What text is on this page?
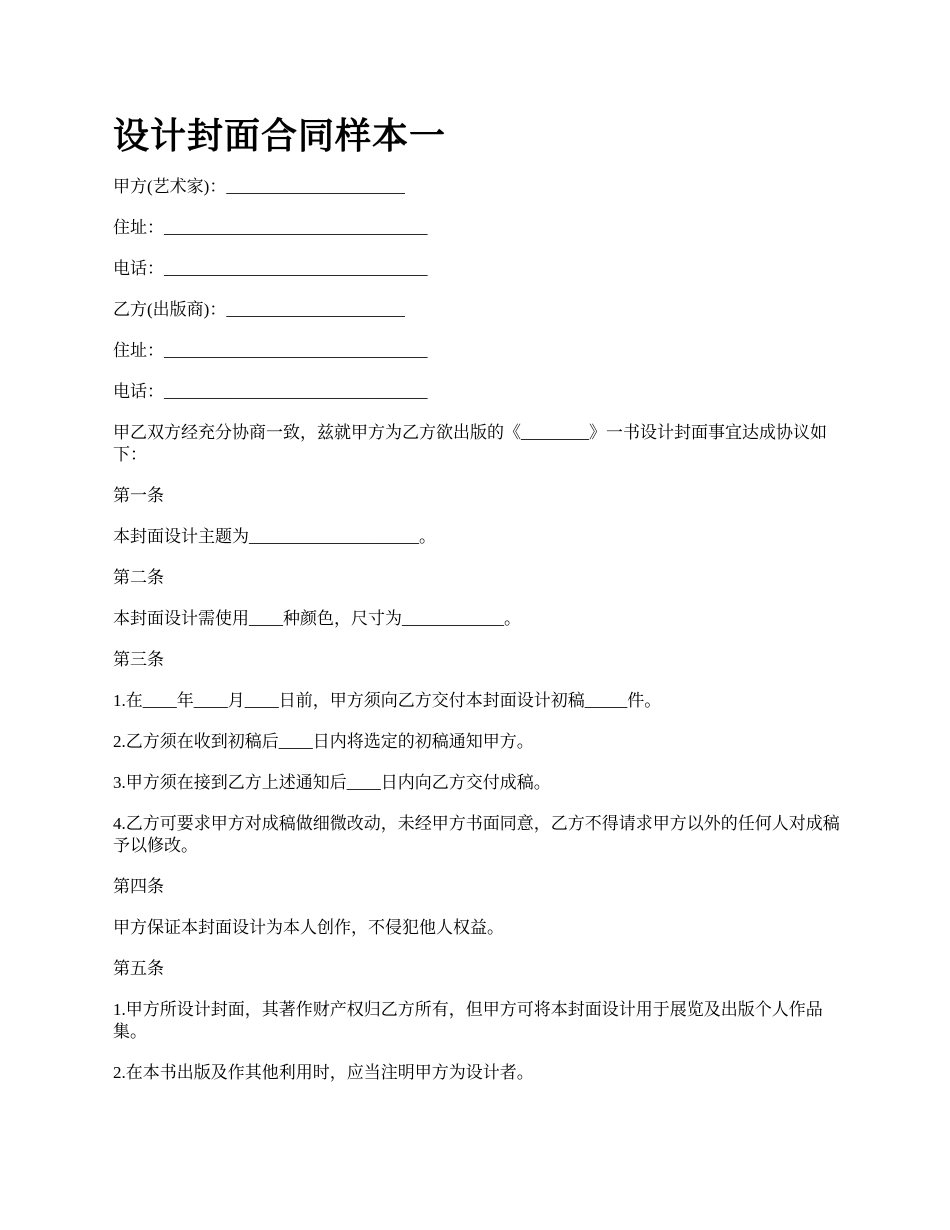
设计封面合同样本一

甲方(艺术家)：_____________________

住址：_______________________________

电话：_______________________________

乙方(出版商)：_____________________

住址：_______________________________

电话：_______________________________

甲乙双方经充分协商一致，兹就甲方为乙方欲出版的《________》一书设计封面事宜达成协议如下：

第一条

本封面设计主题为____________________。

第二条

本封面设计需使用____种颜色，尺寸为____________。

第三条

1.在____年____月____日前，甲方须向乙方交付本封面设计初稿_____件。

2.乙方须在收到初稿后____日内将选定的初稿通知甲方。

3.甲方须在接到乙方上述通知后____日内向乙方交付成稿。

4.乙方可要求甲方对成稿做细微改动，未经甲方书面同意，乙方不得请求甲方以外的任何人对成稿予以修改。

第四条

甲方保证本封面设计为本人创作，不侵犯他人权益。

第五条

1.甲方所设计封面，其著作财产权归乙方所有，但甲方可将本封面设计用于展览及出版个人作品集。

2.在本书出版及作其他利用时，应当注明甲方为设计者。
